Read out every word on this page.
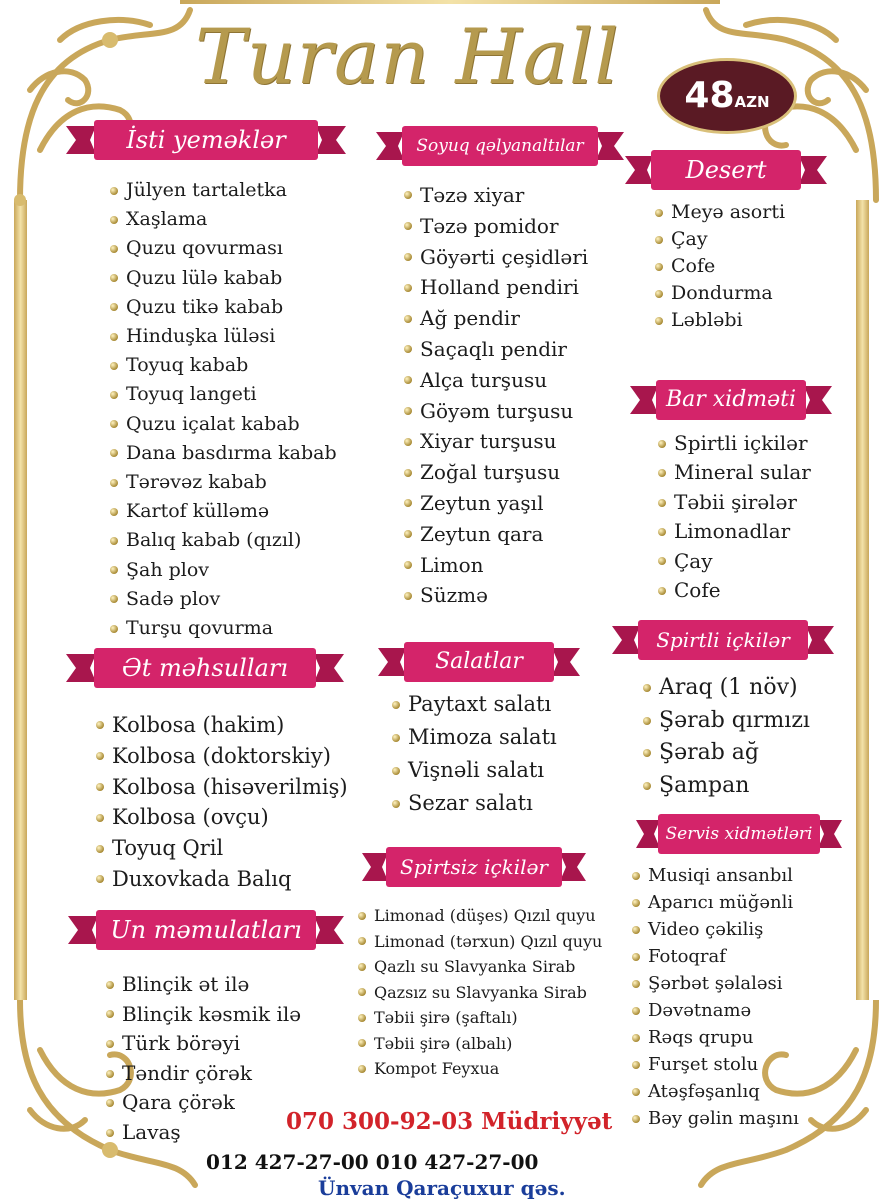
Turan Hall	48AZN
İsti yeməklər	Soyuq qəlyanaltılar
Desert
Bar xidməti
Ət məhsulları	Salatlar
Spirtli içkilər
Servis xidmətləri
Spirtsiz içkilər
Un məmulatları
Jülyen tartaletka
Xaşlama
Quzu qovurması
Quzu lülə kabab
Quzu tikə kabab
Hinduşka lüləsi
Toyuq kabab
Toyuq langeti
Quzu içalat kabab
Dana basdırma kabab
Tərəvəz kabab
Kartof külləmə
Balıq kabab (qızıl)
Şah plov
Sadə plov
Turşu qovurma
Təzə xiyar
Təzə pomidor
Göyərti çeşidləri
Holland pendiri
Ağ pendir
Saçaqlı pendir
Alça turşusu
Göyəm turşusu
Xiyar turşusu
Zoğal turşusu
Zeytun yaşıl
Zeytun qara
Limon
Süzmə
Meyə asorti
Çay
Cofe
Dondurma
Ləbləbi
Spirtli içkilər
Mineral sular
Təbii şirələr
Limonadlar
Çay
Cofe
Kolbosa (hakim)
Kolbosa (doktorskiy)
Kolbosa (hisəverilmiş)
Kolbosa (ovçu)
Toyuq Qril
Duxovkada Balıq
Paytaxt salatı
Mimoza salatı
Vişnəli salatı
Sezar salatı
Araq (1 növ)
Şərab qırmızı
Şərab ağ
Şampan
Musiqi ansanbıl
Aparıcı müğənli
Video çəkiliş
Fotoqraf
Şərbət şəlaləsi
Dəvətnamə
Rəqs qrupu
Furşet stolu
Atəşfəşanlıq
Bəy gəlin maşını
Limonad (düşes) Qızıl quyu
Limonad (tərxun) Qızıl quyu
Qazlı su Slavyanka Sirab
Qazsız su Slavyanka Sirab
Təbii şirə (şaftalı)
Təbii şirə (albalı)
Kompot Feyxua
Blinçik ət ilə
Blinçik kəsmik ilə
Türk börəyi
Təndir çörək
Qara çörək
Lavaş	070 300-92-03 Müdriyyət
012 427-27-00 010 427-27-00
Ünvan Qaraçuxur qəs.
